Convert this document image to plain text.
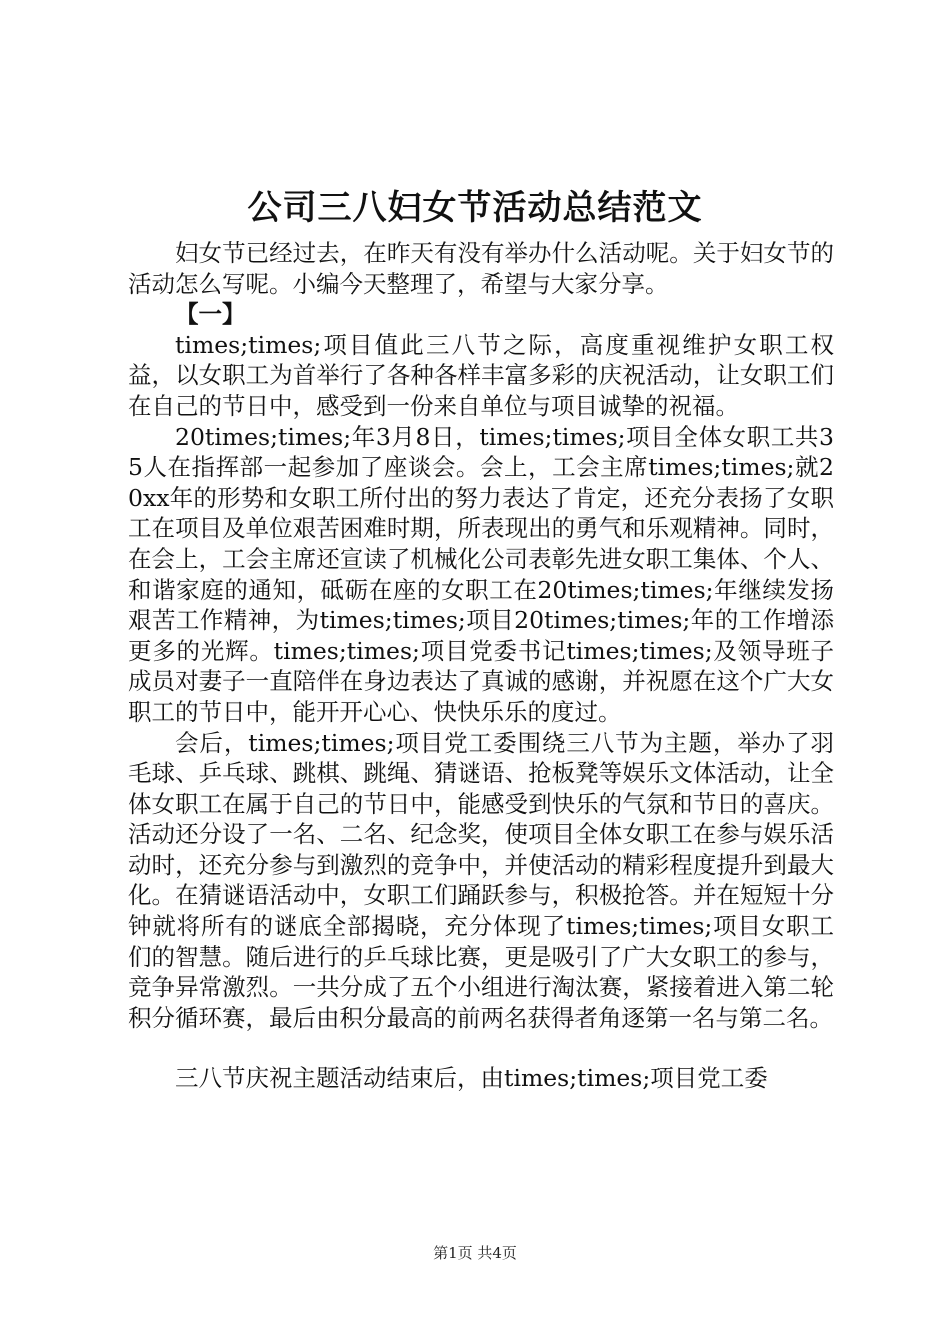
公司三八妇女节活动总结范文

妇女节已经过去，在昨天有没有举办什么活动呢。关于妇女节的活动怎么写呢。小编今天整理了，希望与大家分享。

【一】

times;times;项目值此三八节之际，高度重视维护女职工权益，以女职工为首举行了各种各样丰富多彩的庆祝活动，让女职工们在自己的节日中，感受到一份来自单位与项目诚挚的祝福。

20times;times;年3月8日，times;times;项目全体女职工共35人在指挥部一起参加了座谈会。会上，工会主席times;times;就20xx年的形势和女职工所付出的努力表达了肯定，还充分表扬了女职工在项目及单位艰苦困难时期，所表现出的勇气和乐观精神。同时，在会上，工会主席还宣读了机械化公司表彰先进女职工集体、个人、和谐家庭的通知，砥砺在座的女职工在20times;times;年继续发扬艰苦工作精神，为times;times;项目20times;times;年的工作增添更多的光辉。times;times;项目党委书记times;times;及领导班子成员对妻子一直陪伴在身边表达了真诚的感谢，并祝愿在这个广大女职工的节日中，能开开心心、快快乐乐的度过。

会后，times;times;项目党工委围绕三八节为主题，举办了羽毛球、乒乓球、跳棋、跳绳、猜谜语、抢板凳等娱乐文体活动，让全体女职工在属于自己的节日中，能感受到快乐的气氛和节日的喜庆。活动还分设了一名、二名、纪念奖，使项目全体女职工在参与娱乐活动时，还充分参与到激烈的竞争中，并使活动的精彩程度提升到最大化。在猜谜语活动中，女职工们踊跃参与，积极抢答。并在短短十分钟就将所有的谜底全部揭晓，充分体现了times;times;项目女职工们的智慧。随后进行的乒乓球比赛，更是吸引了广大女职工的参与，竞争异常激烈。一共分成了五个小组进行淘汰赛，紧接着进入第二轮积分循环赛，最后由积分最高的前两名获得者角逐第一名与第二名。

三八节庆祝主题活动结束后，由times;times;项目党工委

第1页 共4页
